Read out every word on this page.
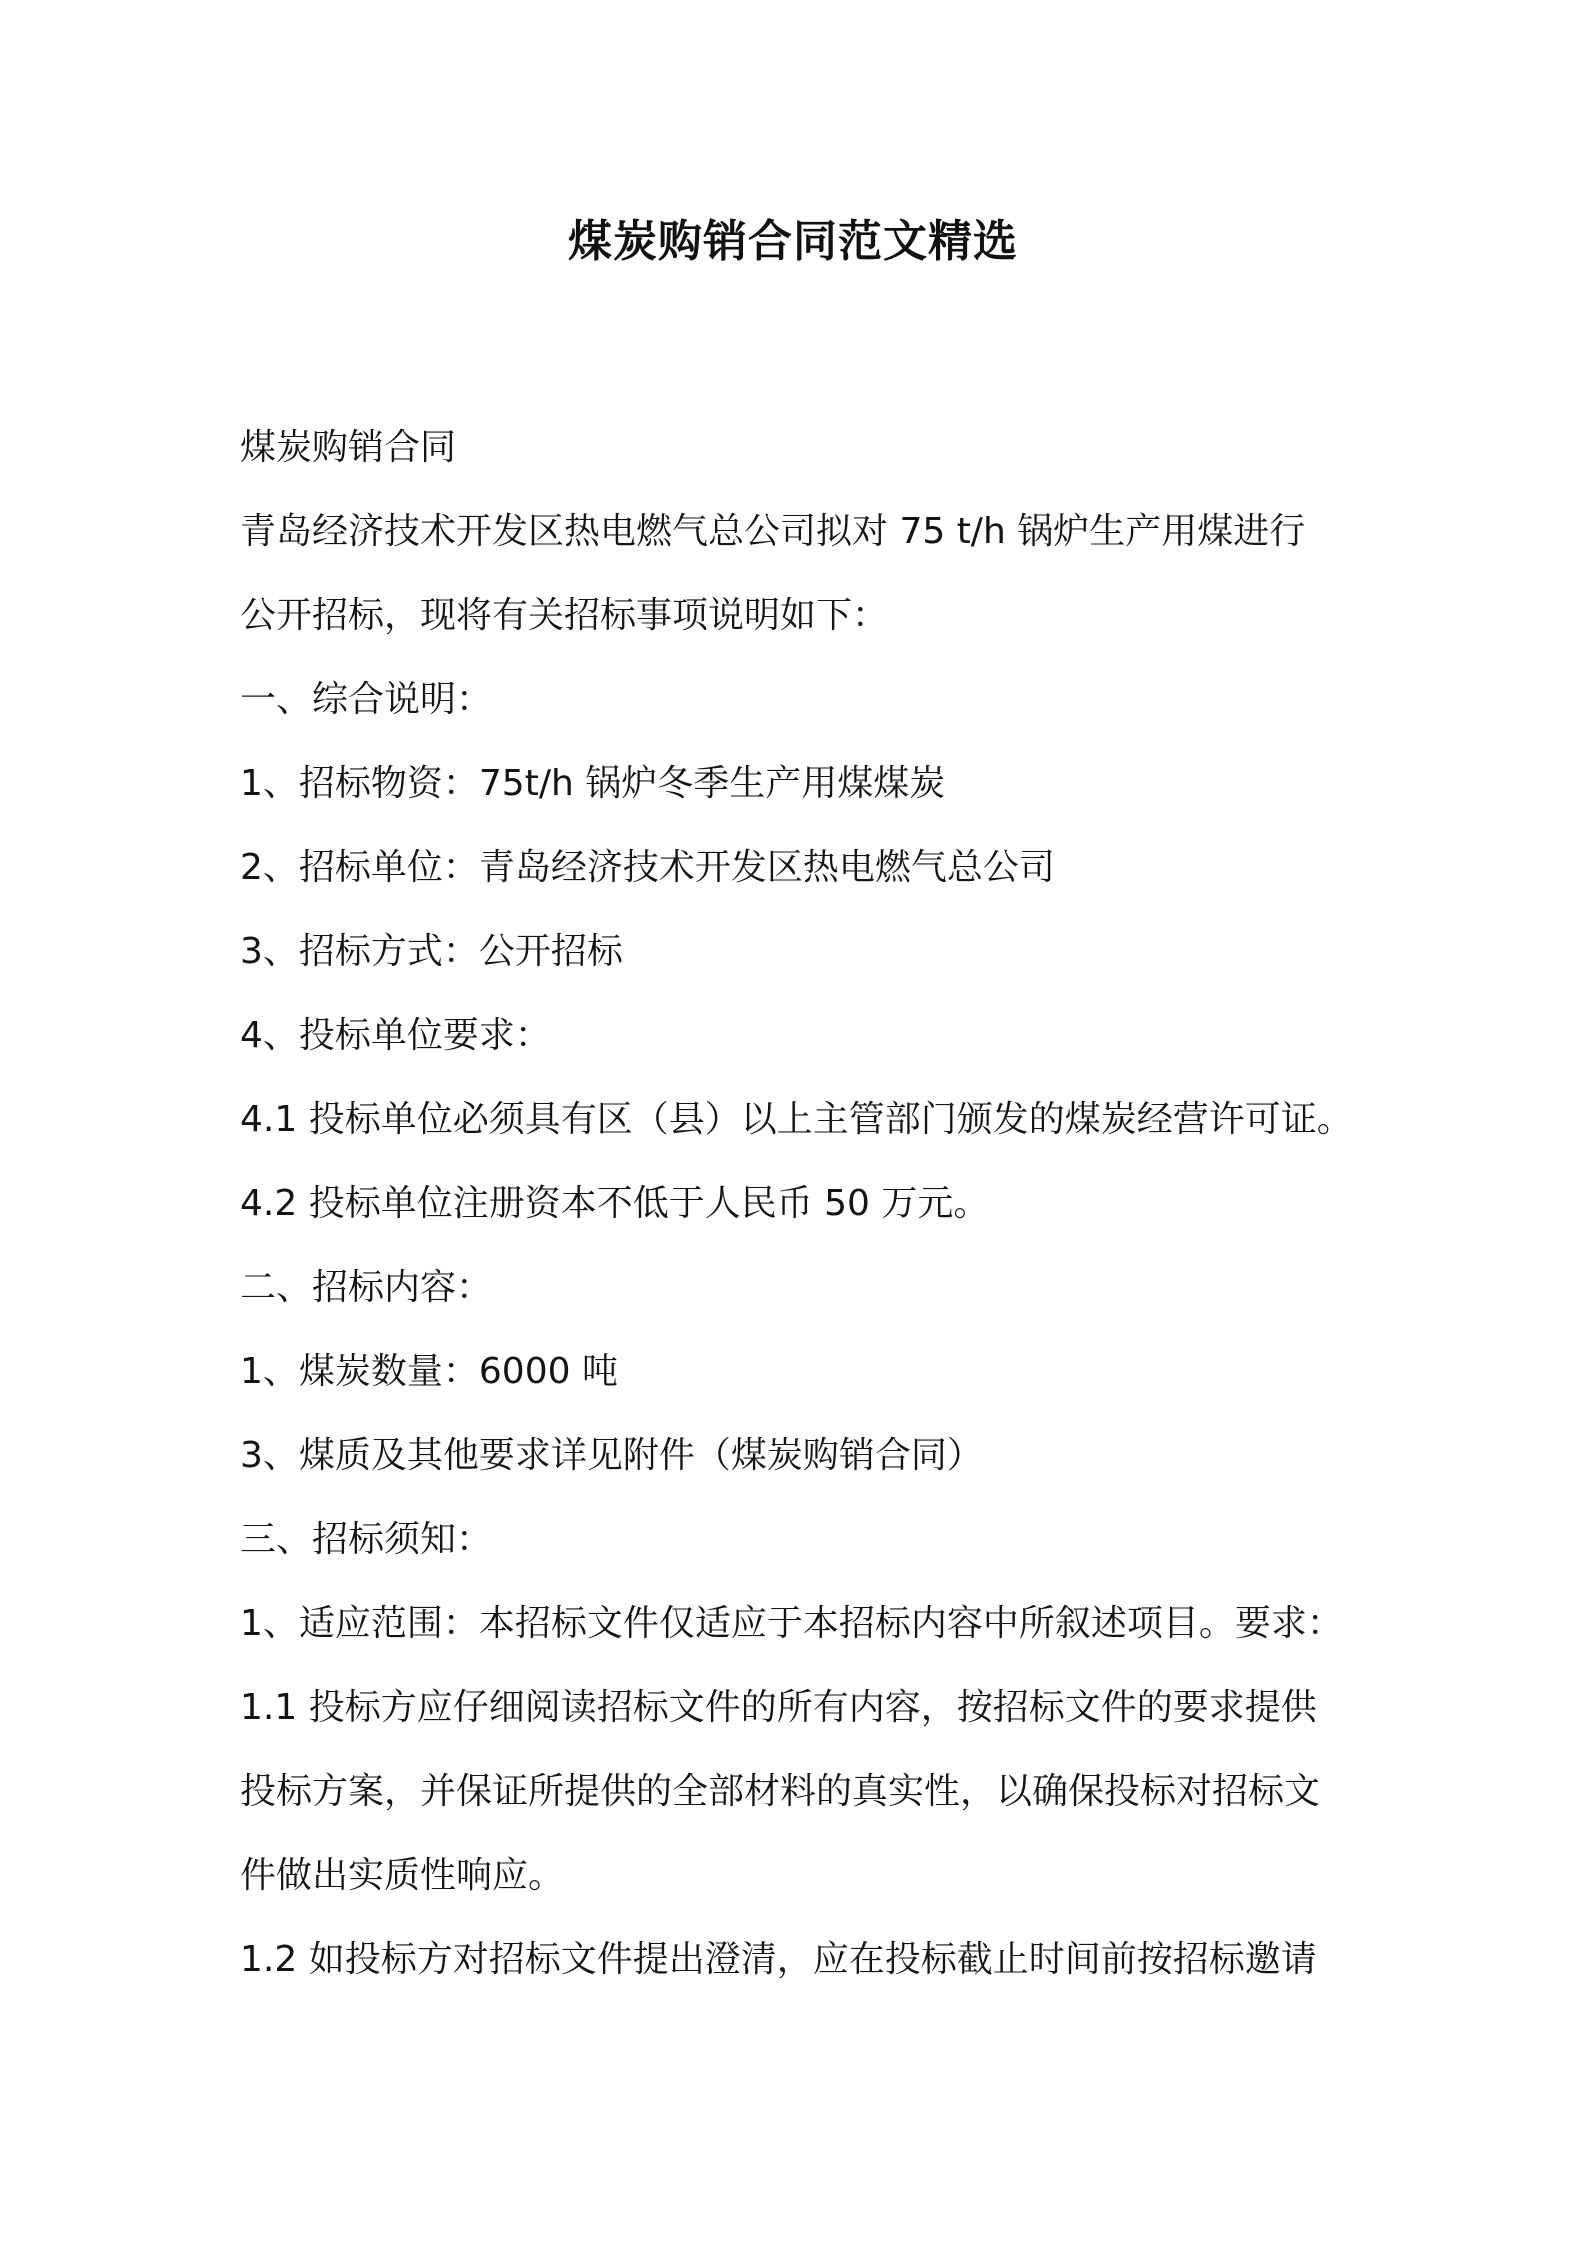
煤炭购销合同范文精选
煤炭购销合同
青岛经济技术开发区热电燃气总公司拟对 75 t/h 锅炉生产用煤进行
公开招标，现将有关招标事项说明如下：
一、综合说明：
1、招标物资：75t/h 锅炉冬季生产用煤煤炭
2、招标单位：青岛经济技术开发区热电燃气总公司
3、招标方式：公开招标
4、投标单位要求：
4.1 投标单位必须具有区（县）以上主管部门颁发的煤炭经营许可证。
4.2 投标单位注册资本不低于人民币 50 万元。
二、招标内容：
1、煤炭数量：6000 吨
3、煤质及其他要求详见附件（煤炭购销合同）
三、招标须知：
1、适应范围：本招标文件仅适应于本招标内容中所叙述项目。要求：
1.1 投标方应仔细阅读招标文件的所有内容，按招标文件的要求提供
投标方案，并保证所提供的全部材料的真实性，以确保投标对招标文
件做出实质性响应。
1.2 如投标方对招标文件提出澄清，应在投标截止时间前按招标邀请
